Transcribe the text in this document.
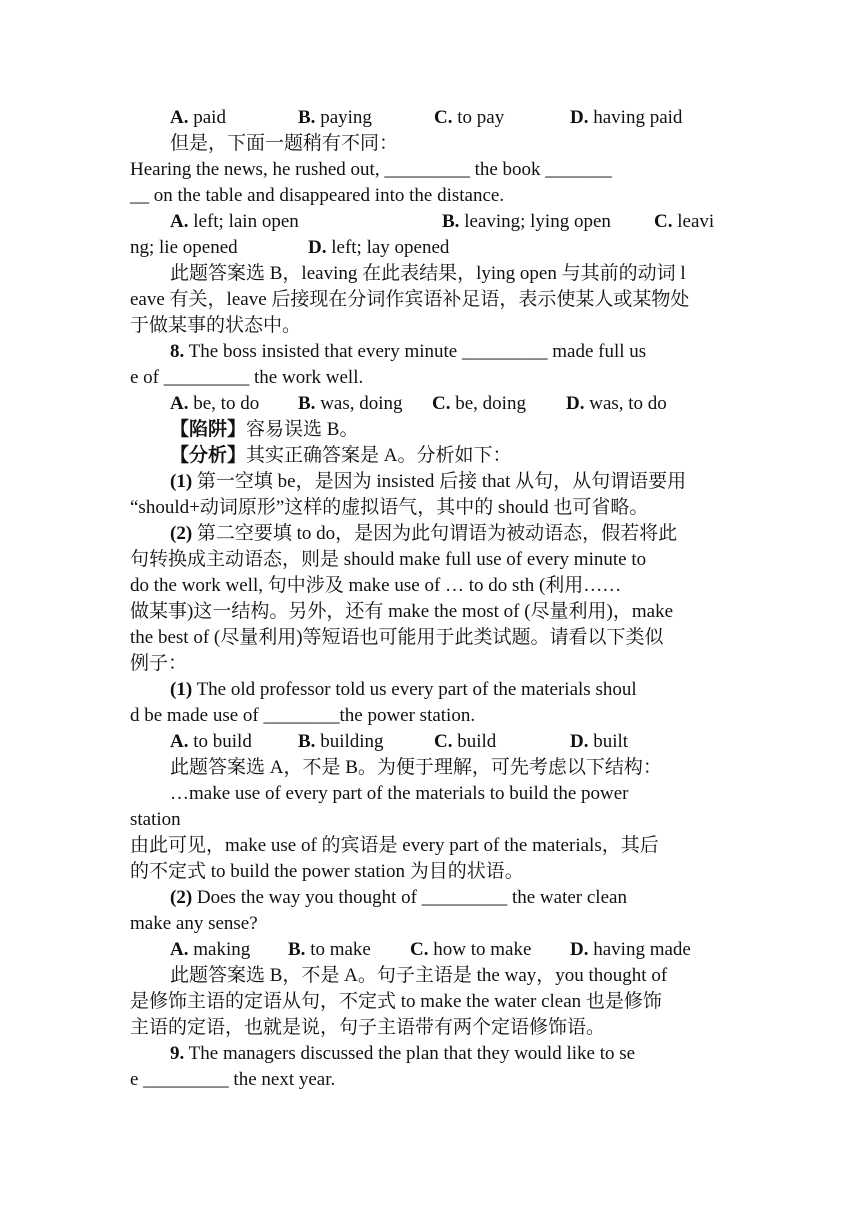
A. paid	B. paying	C. to pay	D. having paid
但是，下面一题稍有不同：
Hearing the news, he rushed out, _________ the book _______
__ on the table and disappeared into the distance.
A. left; lain open	B. leaving; lying open	C. leavi
ng; lie opened	D. left; lay opened
此题答案选 B，leaving 在此表结果，lying open 与其前的动词 l
eave 有关，leave 后接现在分词作宾语补足语，表示使某人或某物处
于做某事的状态中。
8. The boss insisted that every minute _________ made full us
e of _________ the work well.
A. be, to do	B. was, doing	C. be, doing	D. was, to do
【陷阱】容易误选 B。
【分析】其实正确答案是 A。分析如下：
(1) 第一空填 be，是因为 insisted 后接 that 从句，从句谓语要用
“should+动词原形”这样的虚拟语气，其中的 should 也可省略。
(2) 第二空要填 to do，是因为此句谓语为被动语态，假若将此
句转换成主动语态，则是 should make full use of every minute to
do the work well, 句中涉及 make use of … to do sth (利用……
做某事)这一结构。另外，还有 make the most of (尽量利用)，make
the best of (尽量利用)等短语也可能用于此类试题。请看以下类似
例子：
(1) The old professor told us every part of the materials shoul
d be made use of ________the power station.
A. to build	B. building	C. build	D. built
此题答案选 A，不是 B。为便于理解，可先考虑以下结构：
…make use of every part of the materials to build the power
station
由此可见，make use of 的宾语是 every part of the materials，其后
的不定式 to build the power station 为目的状语。
(2) Does the way you thought of _________ the water clean
make any sense?
A. making	B. to make	C. how to make	D. having made
此题答案选 B，不是 A。句子主语是 the way，you thought of
是修饰主语的定语从句，不定式 to make the water clean 也是修饰
主语的定语，也就是说，句子主语带有两个定语修饰语。
9. The managers discussed the plan that they would like to se
e _________ the next year.
